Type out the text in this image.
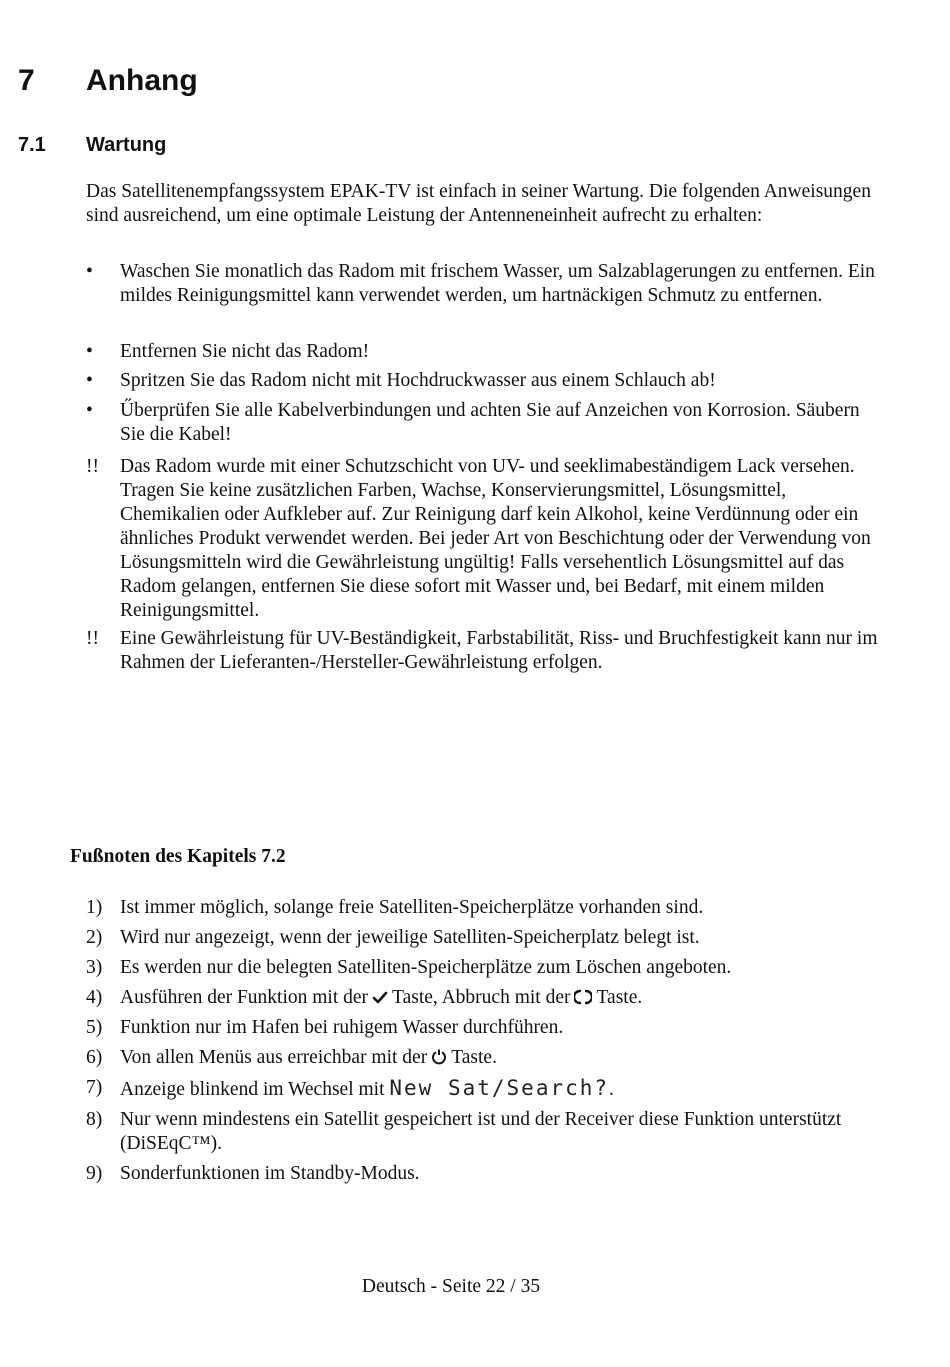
7 Anhang
7.1 Wartung
Das Satellitenempfangssystem EPAK-TV ist einfach in seiner Wartung. Die folgenden Anweisungen sind ausreichend, um eine optimale Leistung der Antenneneinheit aufrecht zu erhalten:
•	Waschen Sie monatlich das Radom mit frischem Wasser, um Salzablagerungen zu entfernen. Ein mildes Reinigungsmittel kann verwendet werden, um hartnäckigen Schmutz zu entfernen.
•	Entfernen Sie nicht das Radom!
•	Spritzen Sie das Radom nicht mit Hochdruckwasser aus einem Schlauch ab!
•	Űberprüfen Sie alle Kabelverbindungen und achten Sie auf Anzeichen von Korrosion. Säubern Sie die Kabel!
!!	Das Radom wurde mit einer Schutzschicht von UV- und seeklimabeständigem Lack versehen. Tragen Sie keine zusätzlichen Farben, Wachse, Konservierungsmittel, Lösungsmittel, Chemikalien oder Aufkleber auf. Zur Reinigung darf kein Alkohol, keine Verdünnung oder ein ähnliches Produkt verwendet werden. Bei jeder Art von Beschichtung oder der Verwendung von Lösungsmitteln wird die Gewährleistung ungültig! Falls versehentlich Lösungsmittel auf das Radom gelangen, entfernen Sie diese sofort mit Wasser und, bei Bedarf, mit einem milden Reinigungsmittel.
!!	Eine Gewährleistung für UV-Beständigkeit, Farbstabilität, Riss- und Bruchfestigkeit kann nur im Rahmen der Lieferanten-/Hersteller-Gewährleistung erfolgen.
Fußnoten des Kapitels 7.2
1) Ist immer möglich, solange freie Satelliten-Speicherplätze vorhanden sind.
2) Wird nur angezeigt, wenn der jeweilige Satelliten-Speicherplatz belegt ist.
3) Es werden nur die belegten Satelliten-Speicherplätze zum Löschen angeboten.
4) Ausführen der Funktion mit der Taste, Abbruch mit der Taste.
5) Funktion nur im Hafen bei ruhigem Wasser durchführen.
6) Von allen Menüs aus erreichbar mit der Taste.
7) Anzeige blinkend im Wechsel mit New Sat/Search?.
8) Nur wenn mindestens ein Satellit gespeichert ist und der Receiver diese Funktion unterstützt (DiSEqC™).
9) Sonderfunktionen im Standby-Modus.
Deutsch - Seite 22 / 35
